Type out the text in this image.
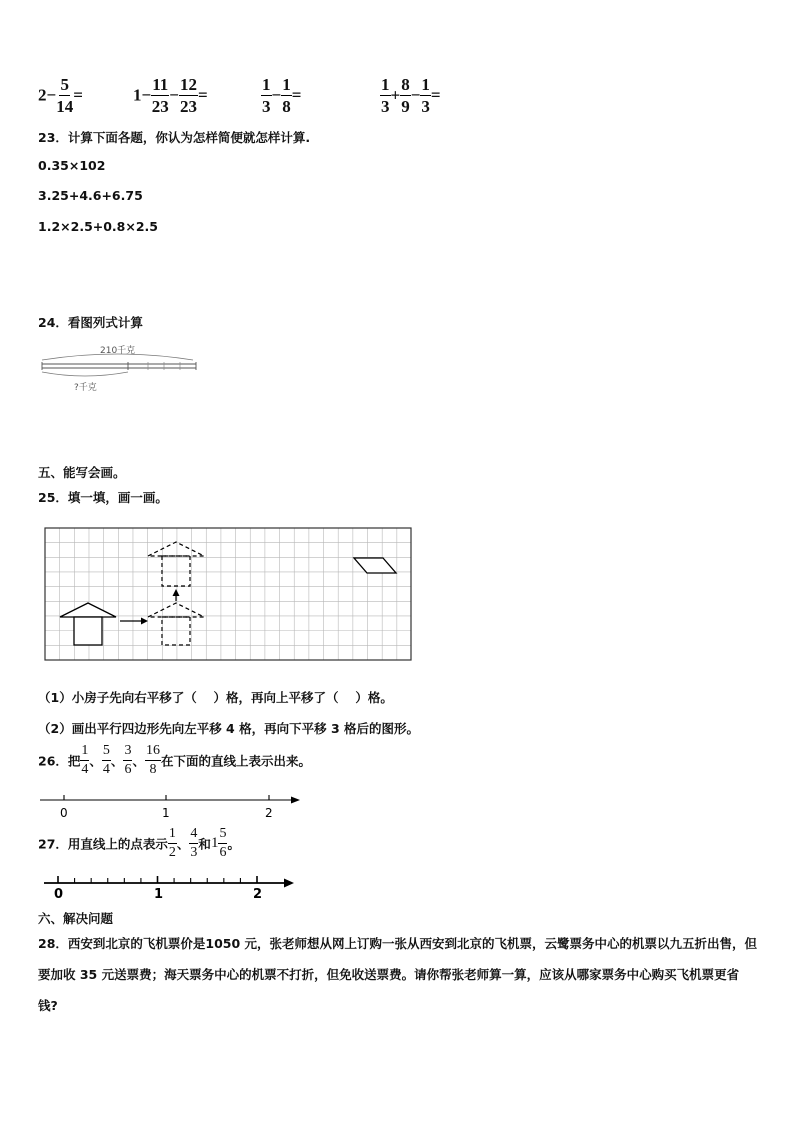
$2- \frac{5}{14}$ =	$1- \frac{11}{23} - \frac{12}{23}$ =	$\frac{1}{3} - \frac{1}{8}$ =	$\frac{1}{3} + \frac{8}{9} - \frac{1}{3}$ =
23．计算下面各题，你认为怎样简便就怎样计算.
0.35×102
3.25+4.6+6.75
1.2×2.5+0.8×2.5
24．看图列式计算
210千克
?千克
五、能写会画。
25．填一填，画一画。
（1）小房子先向右平移了（　 ）格，再向上平移了（　 ）格。
（2）画出平行四边形先向左平移 4 格，再向下平移 3 格后的图形。
26．把 $\frac{1}{4}$ 、 $\frac{5}{4}$ 、 $\frac{3}{6}$ 、 $\frac{16}{8}$ 在下面的直线上表示出来。
0	1	2
27．用直线上的点表示 $\frac{1}{2}$ 、 $\frac{4}{3}$ 和$1 \frac{5}{6}$ 。
0	1	2
六、解决问题
28．西安到北京的飞机票价是1050 元，张老师想从网上订购一张从西安到北京的飞机票，云鹭票务中心的机票以九五折出售，但要加收 35 元送票费；海天票务中心的机票不打折，但免收送票费。请你帮张老师算一算，应该从哪家票务中心购买飞机票更省钱?
